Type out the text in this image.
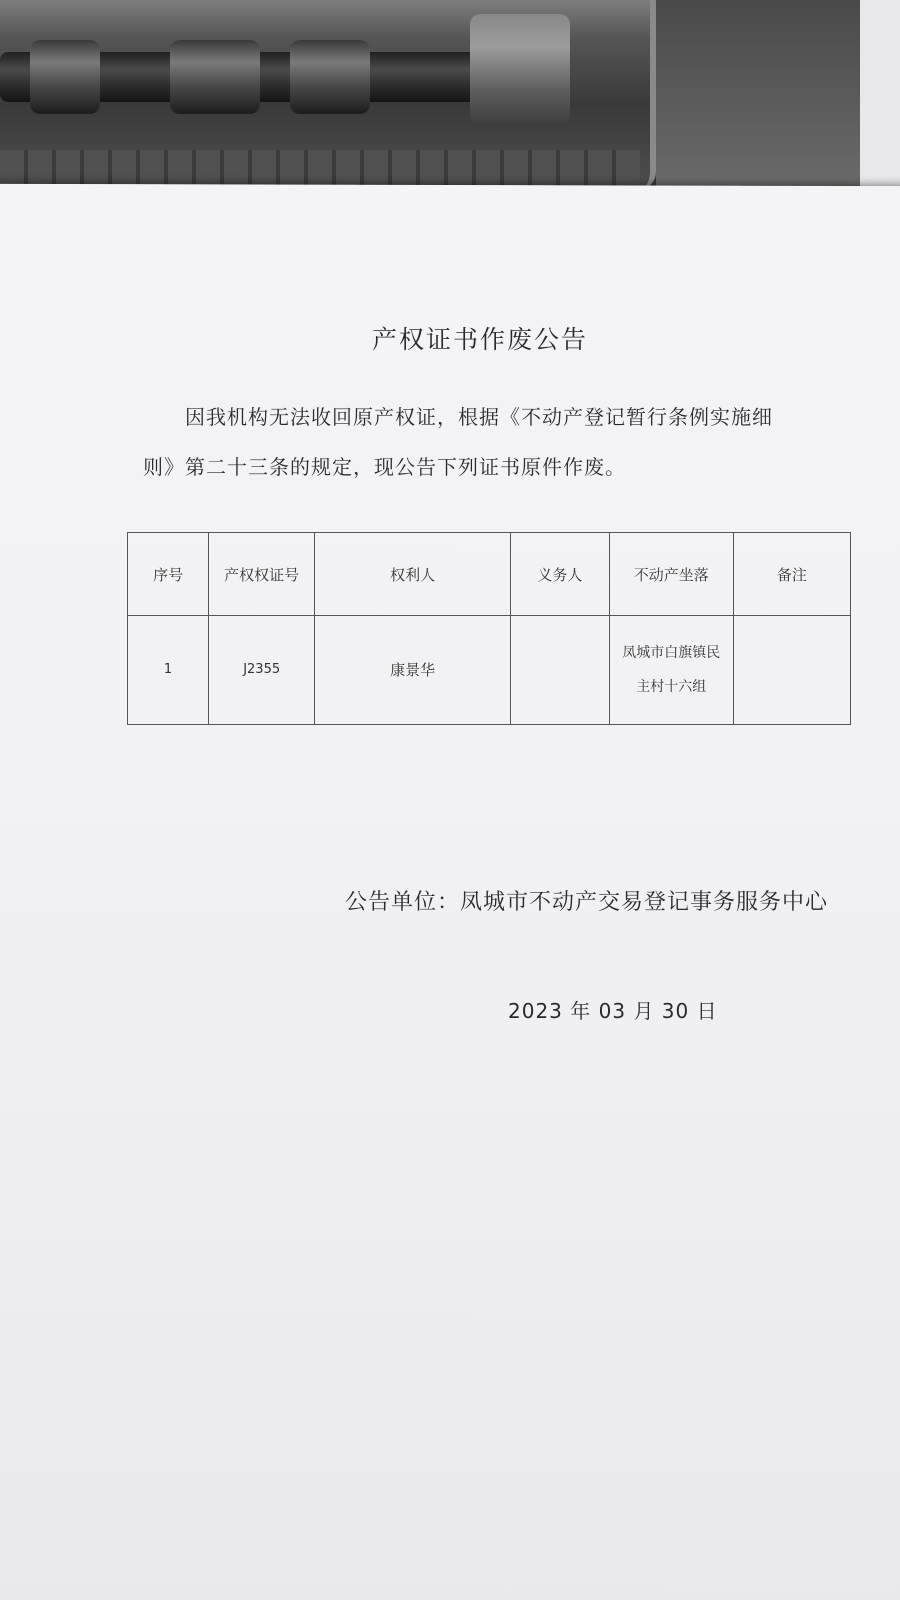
产权证书作废公告
因我机构无法收回原产权证，根据《不动产登记暂行条例实施细
则》第二十三条的规定，现公告下列证书原件作废。
序号	产权权证号	权利人	义务人	不动产坐落	备注
1	J2355	康景华		凤城市白旗镇民
主村十六组	

公告单位：凤城市不动产交易登记事务服务中心
2023 年 03 月 30 日
